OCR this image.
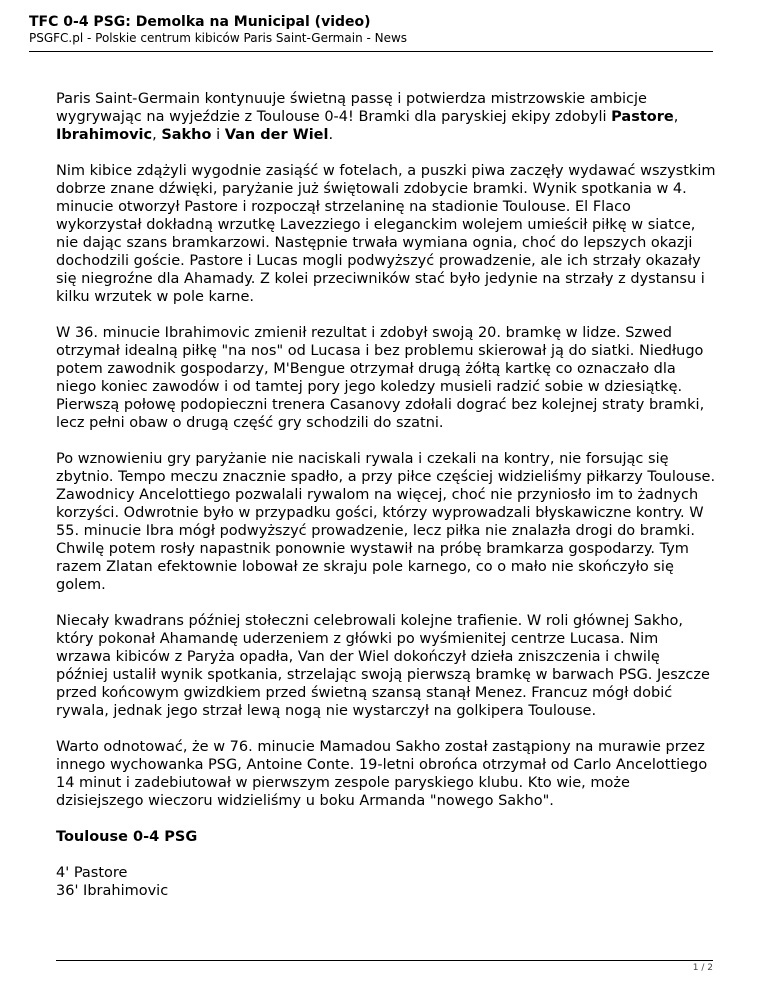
TFC 0-4 PSG: Demolka na Municipal (video)
PSGFC.pl - Polskie centrum kibiców Paris Saint-Germain - News

Paris Saint-Germain kontynuuje świetną passę i potwierdza mistrzowskie ambicje wygrywając na wyjeździe z Toulouse 0-4! Bramki dla paryskiej ekipy zdobyli Pastore, Ibrahimovic, Sakho i Van der Wiel.

Nim kibice zdążyli wygodnie zasiąść w fotelach, a puszki piwa zaczęły wydawać wszystkim dobrze znane dźwięki, paryżanie już świętowali zdobycie bramki. Wynik spotkania w 4. minucie otworzył Pastore i rozpoczął strzelaninę na stadionie Toulouse. El Flaco wykorzystał dokładną wrzutkę Lavezziego i eleganckim wolejem umieścił piłkę w siatce, nie dając szans bramkarzowi. Następnie trwała wymiana ognia, choć do lepszych okazji dochodzili goście. Pastore i Lucas mogli podwyższyć prowadzenie, ale ich strzały okazały się niegroźne dla Ahamady. Z kolei przeciwników stać było jedynie na strzały z dystansu i kilku wrzutek w pole karne.

W 36. minucie Ibrahimovic zmienił rezultat i zdobył swoją 20. bramkę w lidze. Szwed otrzymał idealną piłkę "na nos" od Lucasa i bez problemu skierował ją do siatki. Niedługo potem zawodnik gospodarzy, M'Bengue otrzymał drugą żółtą kartkę co oznaczało dla niego koniec zawodów i od tamtej pory jego koledzy musieli radzić sobie w dziesiątkę. Pierwszą połowę podopieczni trenera Casanovy zdołali dograć bez kolejnej straty bramki, lecz pełni obaw o drugą część gry schodzili do szatni.

Po wznowieniu gry paryżanie nie naciskali rywala i czekali na kontry, nie forsując się zbytnio. Tempo meczu znacznie spadło, a przy piłce częściej widzieliśmy piłkarzy Toulouse. Zawodnicy Ancelottiego pozwalali rywalom na więcej, choć nie przyniosło im to żadnych korzyści. Odwrotnie było w przypadku gości, którzy wyprowadzali błyskawiczne kontry. W 55. minucie Ibra mógł podwyższyć prowadzenie, lecz piłka nie znalazła drogi do bramki. Chwilę potem rosły napastnik ponownie wystawił na próbę bramkarza gospodarzy. Tym razem Zlatan efektownie lobował ze skraju pole karnego, co o mało nie skończyło się golem.

Niecały kwadrans później stołeczni celebrowali kolejne trafienie. W roli głównej Sakho, który pokonał Ahamandę uderzeniem z główki po wyśmienitej centrze Lucasa. Nim wrzawa kibiców z Paryża opadła, Van der Wiel dokończył dzieła zniszczenia i chwilę później ustalił wynik spotkania, strzelając swoją pierwszą bramkę w barwach PSG. Jeszcze przed końcowym gwizdkiem przed świetną szansą stanął Menez. Francuz mógł dobić rywala, jednak jego strzał lewą nogą nie wystarczył na golkipera Toulouse.

Warto odnotować, że w 76. minucie Mamadou Sakho został zastąpiony na murawie przez innego wychowanka PSG, Antoine Conte. 19-letni obrońca otrzymał od Carlo Ancelottiego 14 minut i zadebiutował w pierwszym zespole paryskiego klubu. Kto wie, może dzisiejszego wieczoru widzieliśmy u boku Armanda "nowego Sakho".

Toulouse 0-4 PSG
4' Pastore
36' Ibrahimovic
1 / 2
